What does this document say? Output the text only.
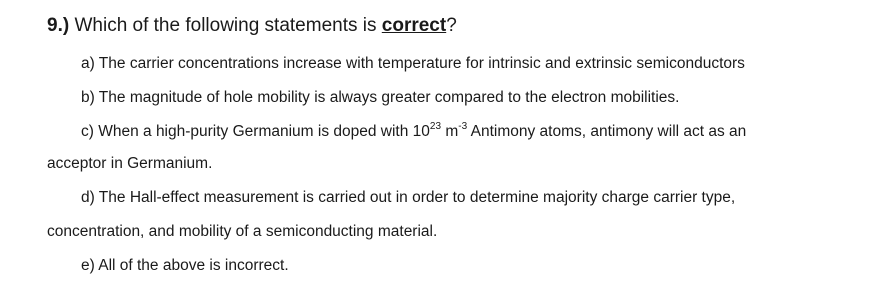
9.) Which of the following statements is correct?
a) The carrier concentrations increase with temperature for intrinsic and extrinsic semiconductors
b) The magnitude of hole mobility is always greater compared to the electron mobilities.
c) When a high-purity Germanium is doped with $10^{23}$ $m^{-3}$ Antimony atoms, antimony will act as an
acceptor in Germanium.
d) The Hall-effect measurement is carried out in order to determine majority charge carrier type,
concentration, and mobility of a semiconducting material.
e) All of the above is incorrect.
